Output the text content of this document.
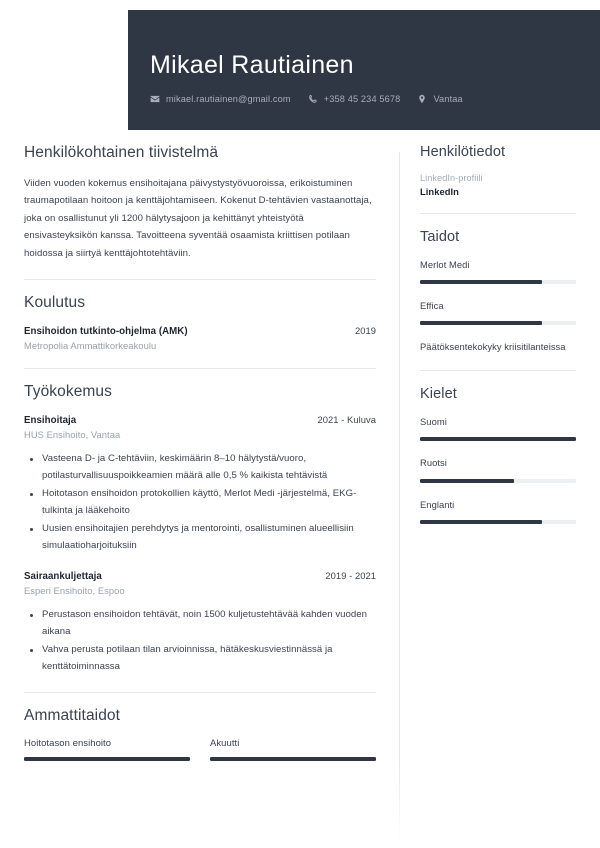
Mikael Rautiainen
mikael.rautiainen@gmail.com	+358 45 234 5678	Vantaa
Henkilökohtainen tiivistelmä

Viiden vuoden kokemus ensihoitajana päivystystyövuoroissa, erikoistuminen traumapotilaan hoitoon ja kenttäjohtamiseen. Kokenut D-tehtävien vastaanottaja, joka on osallistunut yli 1200 hälytysajoon ja kehittänyt yhteistyötä ensivasteyksikön kanssa. Tavoitteena syventää osaamista kriittisen potilaan hoidossa ja siirtyä kenttäjohtotehtäviin.

Koulutus
Ensihoidon tutkinto-ohjelma (AMK)	2019
Metropolia Ammattikorkeakoulu
Työkokemus
Ensihoitaja	2021 - Kuluva
HUS Ensihoito, Vantaa
Vasteena D- ja C-tehtäviin, keskimäärin 8–10 hälytystä/vuoro, potilasturvallisuuspoikkeamien määrä alle 0,5 % kaikista tehtävistä
Hoitotason ensihoidon protokollien käyttö, Merlot Medi -järjestelmä, EKG-tulkinta ja lääkehoito
Uusien ensihoitajien perehdytys ja mentorointi, osallistuminen alueellisiin simulaatioharjoituksiin
Sairaankuljettaja	2019 - 2021
Esperi Ensihoito, Espoo
Perustason ensihoidon tehtävät, noin 1500 kuljetustehtävää kahden vuoden aikana
Vahva perusta potilaan tilan arvioinnissa, hätäkeskusviestinnässä ja kenttätoiminnassa
Ammattitaidot
Hoitotason ensihoito	Akuutti
Henkilötiedot
LinkedIn-profiili
LinkedIn
Taidot
Merlot Medi
Effica
Päätöksentekokyky kriisitilanteissa
Kielet
Suomi
Ruotsi
Englanti
